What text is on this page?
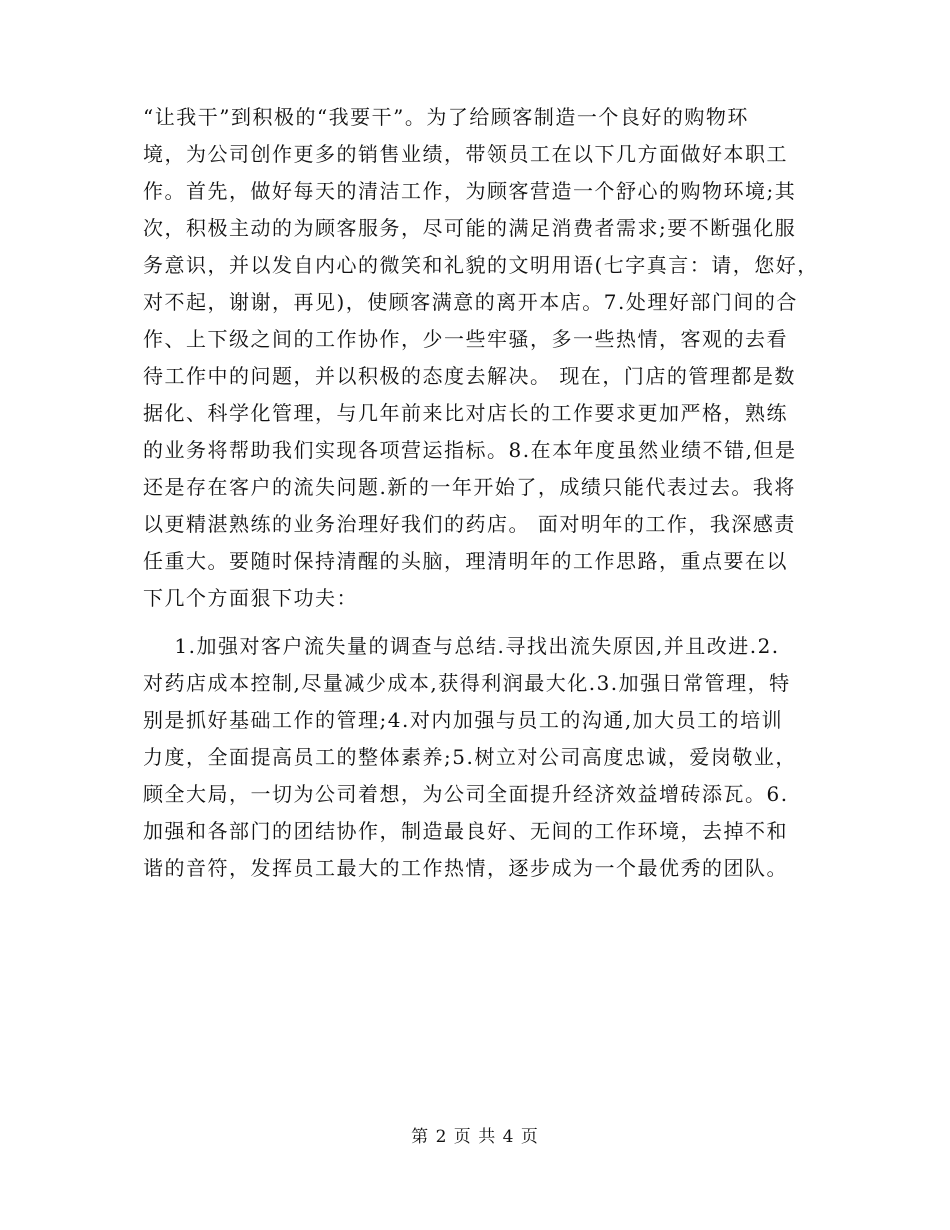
“让我干”到积极的“我要干”。为了给顾客制造一个良好的购物环
境，为公司创作更多的销售业绩，带领员工在以下几方面做好本职工
作。首先，做好每天的清洁工作，为顾客营造一个舒心的购物环境;其
次，积极主动的为顾客服务，尽可能的满足消费者需求;要不断强化服
务意识，并以发自内心的微笑和礼貌的文明用语(七字真言：请，您好，
对不起，谢谢，再见)，使顾客满意的离开本店。7.处理好部门间的合
作、上下级之间的工作协作，少一些牢骚，多一些热情，客观的去看
待工作中的问题，并以积极的态度去解决。 现在，门店的管理都是数
据化、科学化管理，与几年前来比对店长的工作要求更加严格，熟练
的业务将帮助我们实现各项营运指标。8.在本年度虽然业绩不错,但是
还是存在客户的流失问题.新的一年开始了，成绩只能代表过去。我将
以更精湛熟练的业务治理好我们的药店。 面对明年的工作，我深感责
任重大。要随时保持清醒的头脑，理清明年的工作思路，重点要在以
下几个方面狠下功夫：
1.加强对客户流失量的调查与总结.寻找出流失原因,并且改进.2.
对药店成本控制,尽量减少成本,获得利润最大化.3.加强日常管理，特
别是抓好基础工作的管理;4.对内加强与员工的沟通,加大员工的培训
力度，全面提高员工的整体素养;5.树立对公司高度忠诚，爱岗敬业，
顾全大局，一切为公司着想，为公司全面提升经济效益增砖添瓦。6.
加强和各部门的团结协作，制造最良好、无间的工作环境，去掉不和
谐的音符，发挥员工最大的工作热情，逐步成为一个最优秀的团队。
第 2 页 共 4 页
